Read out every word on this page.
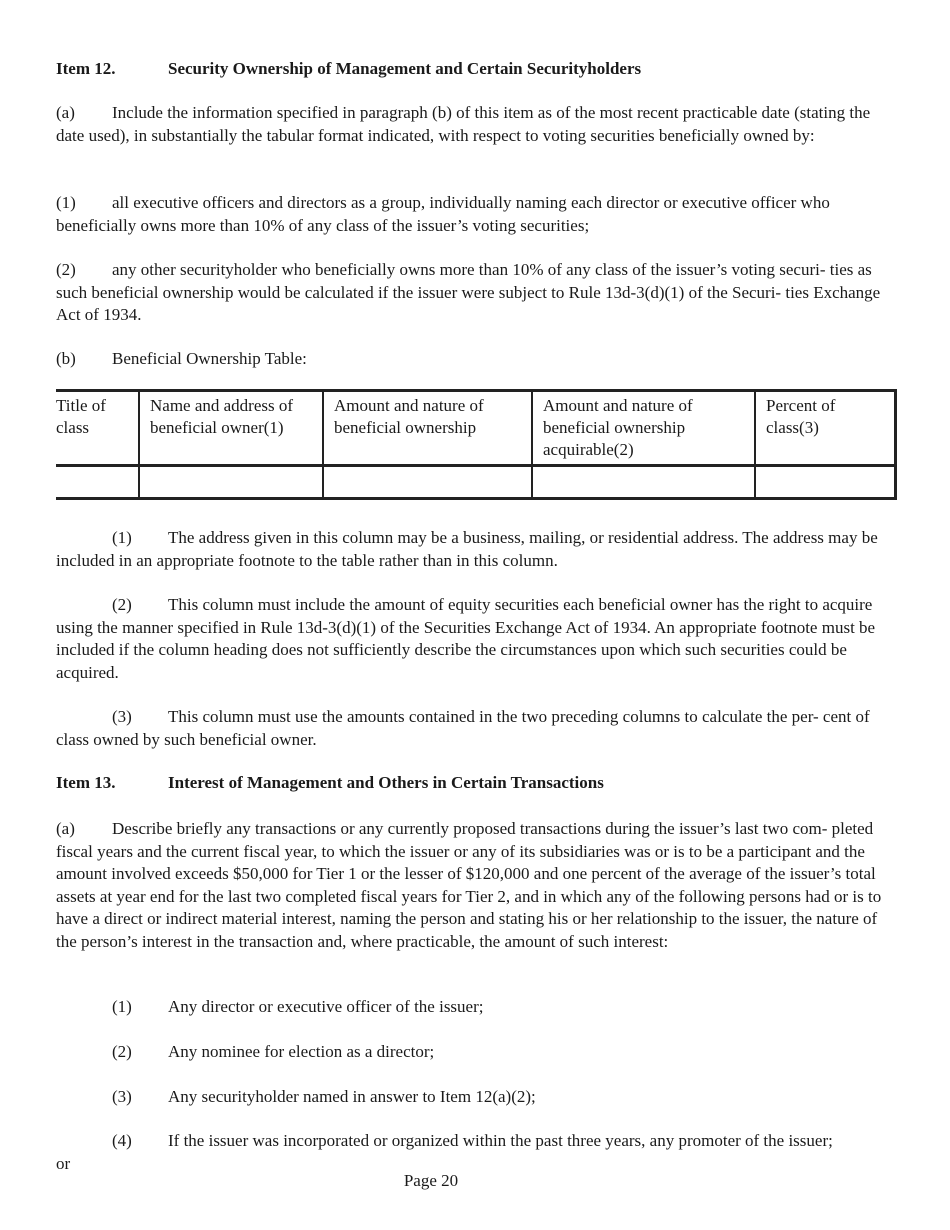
Item 12.	Security Ownership of Management and Certain Securityholders
(a) Include the information specified in paragraph (b) of this item as of the most recent practicable date (stating the date used), in substantially the tabular format indicated, with respect to voting securities beneficially owned by:
(1) all executive officers and directors as a group, individually naming each director or executive officer who beneficially owns more than 10% of any class of the issuer’s voting securities;
(2) any other securityholder who beneficially owns more than 10% of any class of the issuer’s voting securi- ties as such beneficial ownership would be calculated if the issuer were subject to Rule 13d-3(d)(1) of the Securi- ties Exchange Act of 1934.
(b) Beneficial Ownership Table:
Title of class	Name and address of beneficial owner(1)	Amount and nature of beneficial ownership	Amount and nature of beneficial ownership acquirable(2)	Percent of class(3)

(1) The address given in this column may be a business, mailing, or residential address. The address may be included in an appropriate footnote to the table rather than in this column.
(2) This column must include the amount of equity securities each beneficial owner has the right to acquire using the manner specified in Rule 13d-3(d)(1) of the Securities Exchange Act of 1934. An appropriate footnote must be included if the column heading does not sufficiently describe the circumstances upon which such securities could be acquired.
(3) This column must use the amounts contained in the two preceding columns to calculate the per- cent of class owned by such beneficial owner.
Item 13.	Interest of Management and Others in Certain Transactions
(a) Describe briefly any transactions or any currently proposed transactions during the issuer’s last two com- pleted fiscal years and the current fiscal year, to which the issuer or any of its subsidiaries was or is to be a participant and the amount involved exceeds $50,000 for Tier 1 or the lesser of $120,000 and one percent of the average of the issuer’s total assets at year end for the last two completed fiscal years for Tier 2, and in which any of the following persons had or is to have a direct or indirect material interest, naming the person and stating his or her relationship to the issuer, the nature of the person’s interest in the transaction and, where practicable, the amount of such interest:
(1) Any director or executive officer of the issuer;
(2) Any nominee for election as a director;
(3) Any securityholder named in answer to Item 12(a)(2);
(4) If the issuer was incorporated or organized within the past three years, any promoter of the issuer;
or
Page 20
